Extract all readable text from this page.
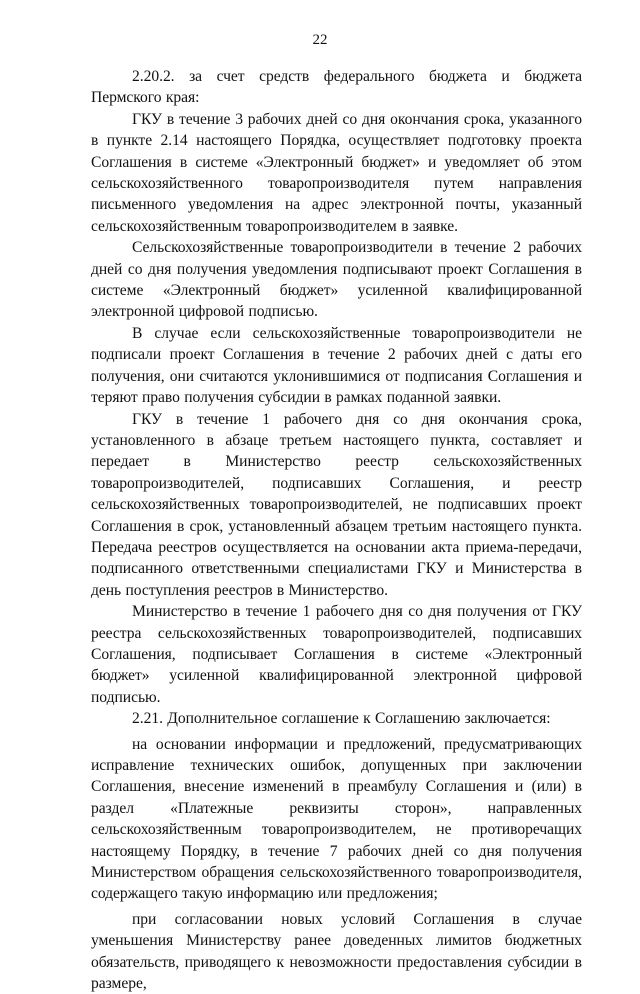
22

2.20.2. за счет средств федерального бюджета и бюджета Пермского края:

ГКУ в течение 3 рабочих дней со дня окончания срока, указанного в пункте 2.14 настоящего Порядка, осуществляет подготовку проекта Соглашения в системе «Электронный бюджет» и уведомляет об этом сельскохозяйственного товаропроизводителя путем направления письменного уведомления на адрес электронной почты, указанный сельскохозяйственным товаропроизводителем в заявке.

Сельскохозяйственные товаропроизводители в течение 2 рабочих дней со дня получения уведомления подписывают проект Соглашения в системе «Электронный бюджет» усиленной квалифицированной электронной цифровой подписью.

В случае если сельскохозяйственные товаропроизводители не подписали проект Соглашения в течение 2 рабочих дней с даты его получения, они считаются уклонившимися от подписания Соглашения и теряют право получения субсидии в рамках поданной заявки.

ГКУ в течение 1 рабочего дня со дня окончания срока, установленного в абзаце третьем настоящего пункта, составляет и передает в Министерство реестр сельскохозяйственных товаропроизводителей, подписавших Соглашения, и реестр сельскохозяйственных товаропроизводителей, не подписавших проект Соглашения в срок, установленный абзацем третьим настоящего пункта. Передача реестров осуществляется на основании акта приема-передачи, подписанного ответственными специалистами ГКУ и Министерства в день поступления реестров в Министерство.

Министерство в течение 1 рабочего дня со дня получения от ГКУ реестра сельскохозяйственных товаропроизводителей, подписавших Соглашения, подписывает Соглашения в системе «Электронный бюджет» усиленной квалифицированной электронной цифровой подписью.

2.21. Дополнительное соглашение к Соглашению заключается:

на основании информации и предложений, предусматривающих исправление технических ошибок, допущенных при заключении Соглашения, внесение изменений в преамбулу Соглашения и (или) в раздел «Платежные реквизиты сторон», направленных сельскохозяйственным товаропроизводителем, не противоречащих настоящему Порядку, в течение 7 рабочих дней со дня получения Министерством обращения сельскохозяйственного товаропроизводителя, содержащего такую информацию или предложения;

при согласовании новых условий Соглашения в случае уменьшения Министерству ранее доведенных лимитов бюджетных обязательств, приводящего к невозможности предоставления субсидии в размере,
